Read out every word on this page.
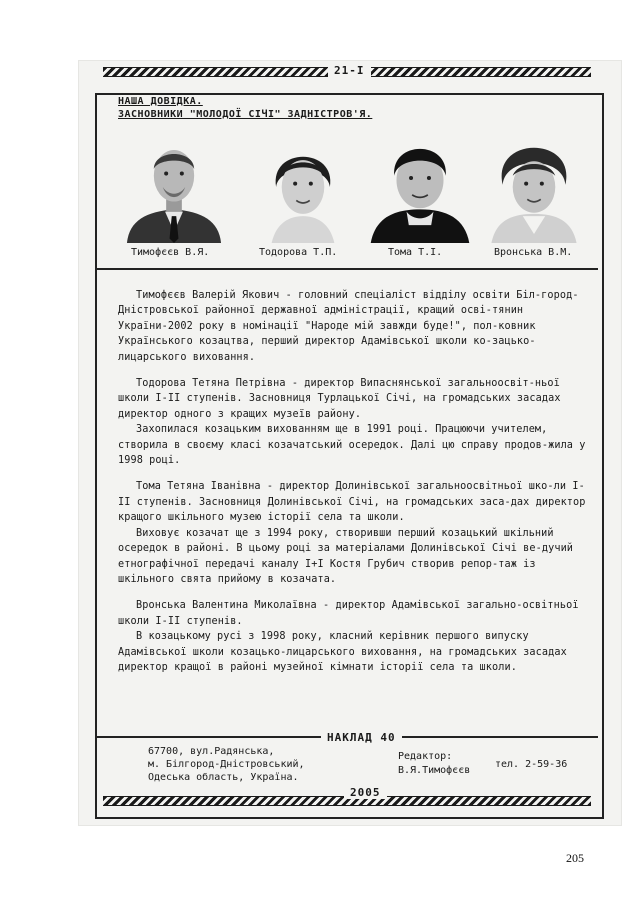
21-I
НАША ДОВІДКА.
ЗАСНОВНИКИ "МОЛОДОЇ СІЧІ" ЗАДНІСТРОВ'Я.
Тимофєєв В.Я.	Тодорова Т.П.	Тома Т.І.	Вронська В.М.

Тимофєєв Валерій Якович - головний спеціаліст відділу освіти Біл-город-Дністровської районної державної адміністрації, кращий осві-тянин України-2002 року в номінації "Народе мій завжди буде!", пол-ковник Українського козацтва, перший директор Адамівської школи ко-зацько-лицарського виховання.

Тодорова Тетяна Петрівна - директор Випаснянської загальноосвіт-ньої школи І-ІІ ступенів. Засновниця Турлацької Січі, на громадських засадах директор одного з кращих музеїв району.

Захопилася козацьким вихованням ще в 1991 році. Працюючи учителем, створила в своєму класі козачатський осередок. Далі цю справу продов-жила у 1998 році.

Тома Тетяна Іванівна - директор Долинівської загальноосвітньої шко-ли І-ІІ ступенів. Засновниця Долинівської Січі, на громадських заса-дах директор кращого шкільного музею історії села та школи.

Виховує козачат ще з 1994 року, створивши перший козацький шкільний осередок в районі. В цьому році за матеріалами Долинівської Січі ве-дучий етнографічної передачі каналу І+І Костя Грубич створив репор-таж із шкільного свята прийому в козачата.

Вронська Валентина Миколаївна - директор Адамівської загально-освітньої школи І-ІІ ступенів.

В козацькому русі з 1998 року, класний керівник першого випуску Адамівської школи козацько-лицарського виховання, на громадських засадах директор кращої в районі музейної кімнати історії села та школи.

НАКЛАД 40
67700, вул.Радянська,
м. Білгород-Дністровський,
Одеська область, Україна.
Редактор:
В.Я.Тимофєєв
тел. 2-59-36
2005
205
